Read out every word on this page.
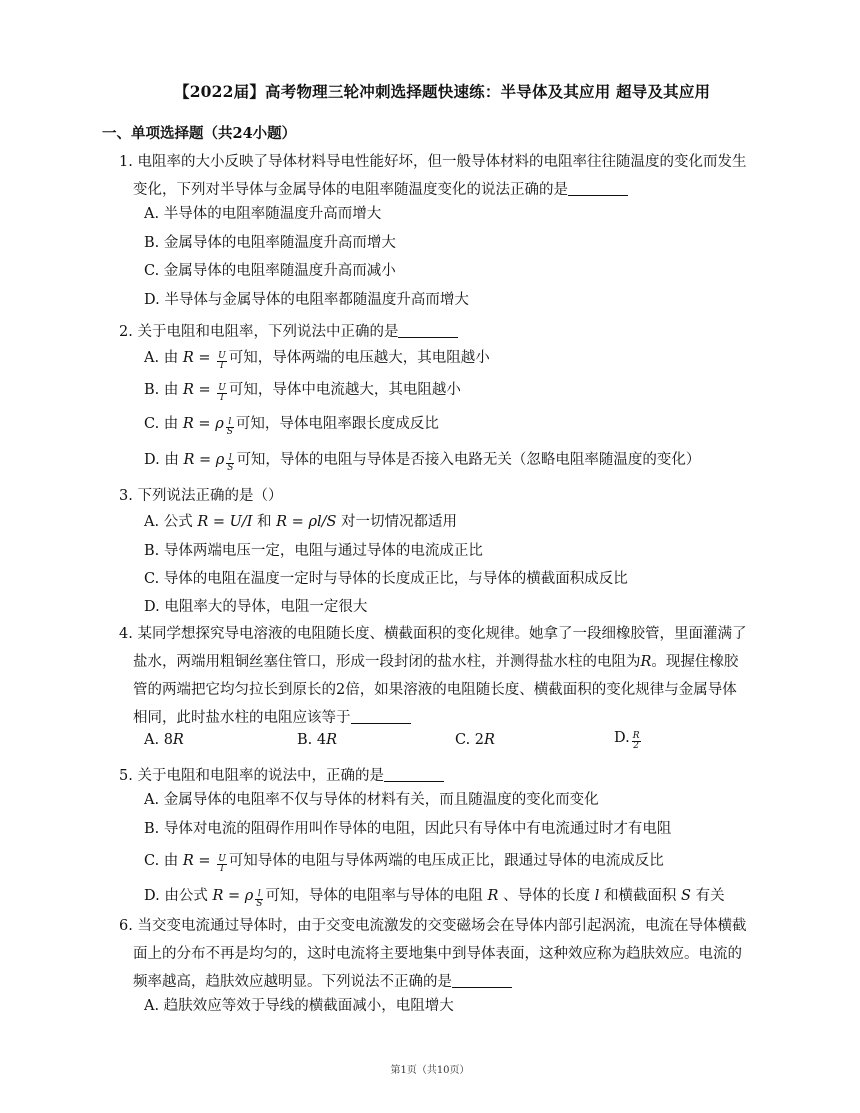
【2022届】高考物理三轮冲刺选择题快速练：半导体及其应用 超导及其应用
一、单项选择题（共24小题）
1. 电阻率的大小反映了导体材料导电性能好坏，但一般导体材料的电阻率往往随温度的变化而发生
变化，下列对半导体与金属导体的电阻率随温度变化的说法正确的是
A. 半导体的电阻率随温度升高而增大
B. 金属导体的电阻率随温度升高而增大
C. 金属导体的电阻率随温度升高而减小
D. 半导体与金属导体的电阻率都随温度升高而增大
2. 关于电阻和电阻率，下列说法中正确的是
A. 由 $R = \frac{U}{I}$ 可知，导体两端的电压越大，其电阻越小
B. 由 $R = \frac{U}{I}$ 可知，导体中电流越大，其电阻越小
C. 由 R = ρ $\frac{l}{S}$ 可知，导体电阻率跟长度成反比
D. 由 R = ρ $\frac{l}{S}$ 可知，导体的电阻与导体是否接入电路无关（忽略电阻率随温度的变化）
3. 下列说法正确的是（）
A. 公式 R = U/I 和 R = ρl/S 对一切情况都适用
B. 导体两端电压一定，电阻与通过导体的电流成正比
C. 导体的电阻在温度一定时与导体的长度成正比，与导体的横截面积成反比
D. 电阻率大的导体，电阻一定很大
4. 某同学想探究导电溶液的电阻随长度、横截面积的变化规律。她拿了一段细橡胶管，里面灌满了
盐水，两端用粗铜丝塞住管口，形成一段封闭的盐水柱，并测得盐水柱的电阻为R。现握住橡胶
管的两端把它均匀拉长到原长的2倍，如果溶液的电阻随长度、横截面积的变化规律与金属导体
相同，此时盐水柱的电阻应该等于
A. 8R	B. 4R	C. 2R	D. $\frac{R}{2}$
5. 关于电阻和电阻率的说法中，正确的是
A. 金属导体的电阻率不仅与导体的材料有关，而且随温度的变化而变化
B. 导体对电流的阻碍作用叫作导体的电阻，因此只有导体中有电流通过时才有电阻
C. 由 $R = \frac{U}{I}$ 可知导体的电阻与导体两端的电压成正比，跟通过导体的电流成反比
D. 由公式 R = ρ $\frac{l}{S}$ 可知，导体的电阻率与导体的电阻 R 、导体的长度 l 和横截面积 S 有关
6. 当交变电流通过导体时，由于交变电流激发的交变磁场会在导体内部引起涡流，电流在导体横截
面上的分布不再是均匀的，这时电流将主要地集中到导体表面，这种效应称为趋肤效应。电流的
频率越高，趋肤效应越明显。下列说法不正确的是
A. 趋肤效应等效于导线的横截面减小，电阻增大
第1页（共10页）
